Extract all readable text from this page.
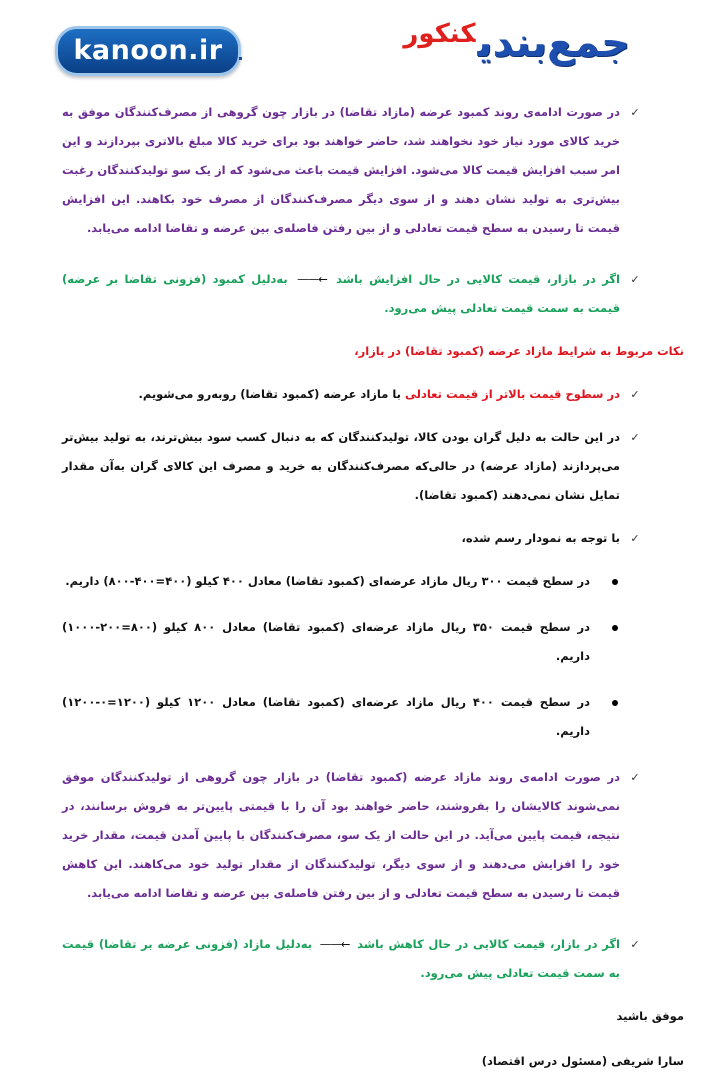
kanoon.ir	جمع‌بندیکنکور
✓
در صورت ادامه‌ی روند کمبود عرضه (مازاد تقاضا) در بازار چون گروهی از مصرف‌کنندگان موفق به خرید کالای مورد نیاز خود نخواهند شد، حاضر خواهند بود برای خرید کالا مبلغ بالاتری بپردازند و این امر سبب افزایش قیمت کالا می‌شود. افزایش قیمت باعث می‌شود که از یک سو تولیدکنندگان رغبت بیش‌تری به تولید نشان دهند و از سوی دیگر مصرف‌کنندگان از مصرف خود بکاهند. این افزایش قیمت تا رسیدن به سطح قیمت تعادلی و از بین رفتن فاصله‌ی بین عرضه و تقاضا ادامه می‌یابد.
✓
اگر در بازار، قیمت کالایی در حال افزایش باشد ←—— به‌دلیل کمبود (فزونی تقاضا بر عرضه) قیمت به سمت قیمت تعادلی پیش می‌رود.
نکات مربوط به شرایط مازاد عرضه (کمبود تقاضا) در بازار،
✓
در سطوح قیمت بالاتر از قیمت تعادلی با مازاد عرضه (کمبود تقاضا) روبه‌رو می‌شویم.
✓
در این حالت به دلیل گران بودن کالا، تولیدکنندگان که به دنبال کسب سود بیش‌ترند، به تولید بیش‌تر می‌پردازند (مازاد عرضه) در حالی‌که مصرف‌کنندگان به خرید و مصرف این کالای گران به‌آن مقدار تمایل نشان نمی‌دهند (کمبود تقاضا).
✓
با توجه به نمودار رسم شده،
در سطح قیمت ۳۰۰ ریال مازاد عرضه‌ای (کمبود تقاضا) معادل ۴۰۰ کیلو (۴۰۰=۴۰۰-۸۰۰) داریم.
در سطح قیمت ۳۵۰ ریال مازاد عرضه‌ای (کمبود تقاضا) معادل ۸۰۰ کیلو (۸۰۰=۲۰۰-۱۰۰۰) داریم.
در سطح قیمت ۴۰۰ ریال مازاد عرضه‌ای (کمبود تقاضا) معادل ۱۲۰۰ کیلو (۱۲۰۰=۰-۱۲۰۰) داریم.
✓
در صورت ادامه‌ی روند مازاد عرضه (کمبود تقاضا) در بازار چون گروهی از تولیدکنندگان موفق نمی‌شوند کالایشان را بفروشند، حاضر خواهند بود آن را با قیمتی پایین‌تر به فروش برسانند، در نتیجه، قیمت پایین می‌آید. در این حالت از یک سو، مصرف‌کنندگان با پایین آمدن قیمت، مقدار خرید خود را افزایش می‌دهند و از سوی دیگر، تولیدکنندگان از مقدار تولید خود می‌کاهند. این کاهش قیمت تا رسیدن به سطح قیمت تعادلی و از بین رفتن فاصله‌ی بین عرضه و تقاضا ادامه می‌یابد.
✓
اگر در بازار، قیمت کالایی در حال کاهش باشد ←—— به‌دلیل مازاد (فزونی عرضه بر تقاضا) قیمت به سمت قیمت تعادلی پیش می‌رود.
موفق باشید
سارا شریفی (مسئول درس اقتصاد)
